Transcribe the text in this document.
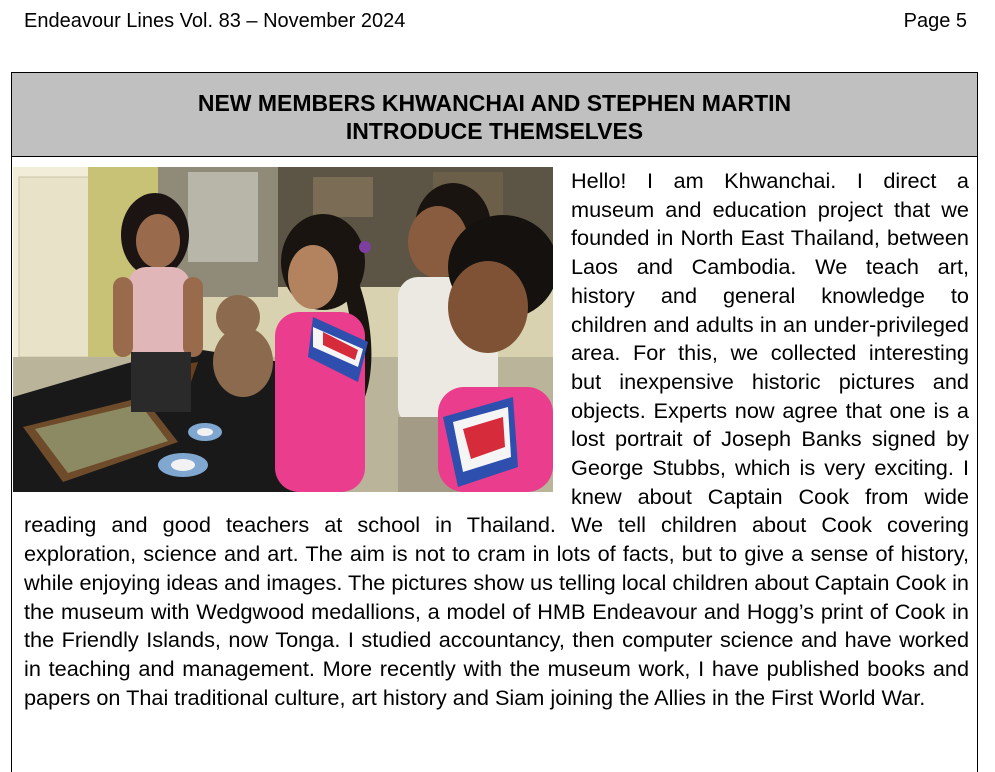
Endeavour Lines Vol. 83 – November 2024	Page 5
NEW MEMBERS KHWANCHAI AND STEPHEN MARTIN
INTRODUCE THEMSELVES

Hello! I am Khwanchai. I direct a museum and education project that we founded in North East Thailand, between Laos and Cambodia. We teach art, history and general knowledge to children and adults in an under-privileged area. For this, we collected interesting but inexpensive historic pictures and objects. Experts now agree that one is a lost portrait of Joseph Banks signed by George Stubbs, which is very exciting. I knew about Captain Cook from wide reading and good teachers at school in Thailand. We tell children about Cook covering exploration, science and art. The aim is not to cram in lots of facts, but to give a sense of history, while enjoying ideas and images. The pictures show us telling local children about Captain Cook in the museum with Wedgwood medallions, a model of HMB Endeavour and Hogg’s print of Cook in the Friendly Islands, now Tonga. I studied accountancy, then computer science and have worked in teaching and management. More recently with the museum work, I have published books and papers on Thai traditional culture, art history and Siam joining the Allies in the First World War.
